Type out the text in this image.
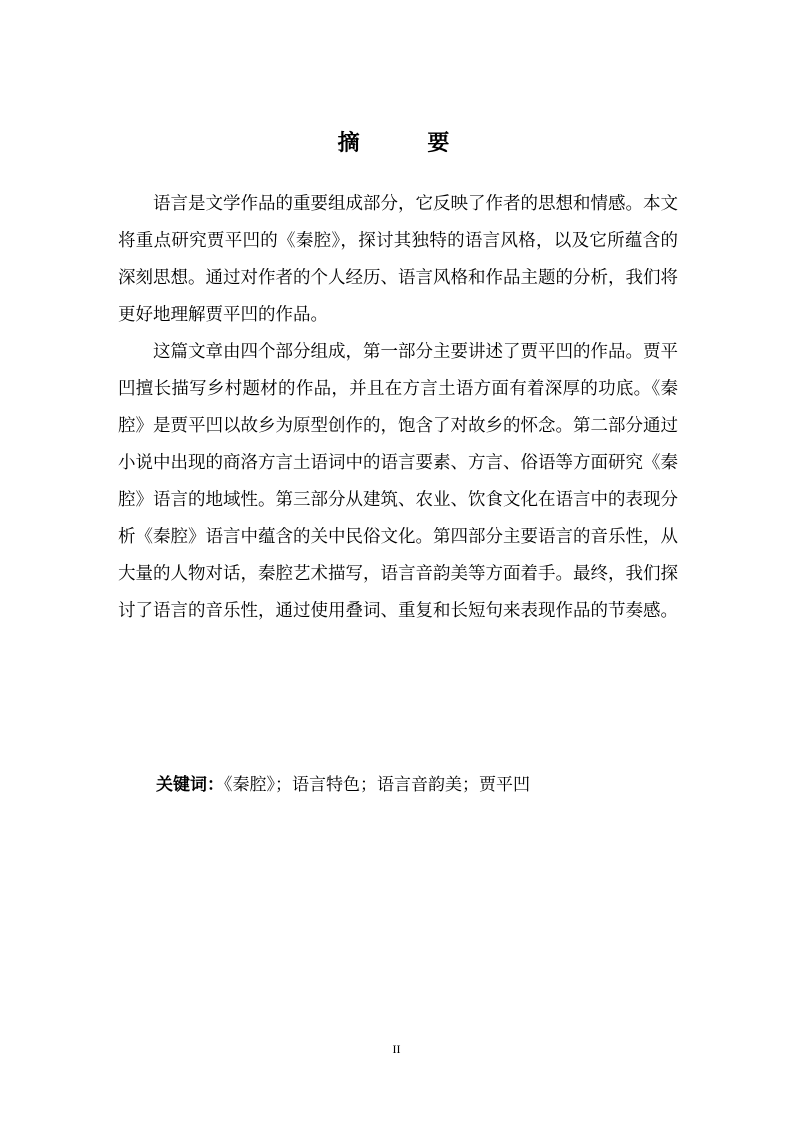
摘 要

语言是文学作品的重要组成部分，它反映了作者的思想和情感。本文将重点研究贾平凹的《秦腔》，探讨其独特的语言风格，以及它所蕴含的深刻思想。通过对作者的个人经历、语言风格和作品主题的分析，我们将更好地理解贾平凹的作品。

这篇文章由四个部分组成，第一部分主要讲述了贾平凹的作品。贾平凹擅长描写乡村题材的作品，并且在方言土语方面有着深厚的功底。《秦腔》是贾平凹以故乡为原型创作的，饱含了对故乡的怀念。第二部分通过小说中出现的商洛方言土语词中的语言要素、方言、俗语等方面研究《秦腔》语言的地域性。第三部分从建筑、农业、饮食文化在语言中的表现分析《秦腔》语言中蕴含的关中民俗文化。第四部分主要语言的音乐性，从大量的人物对话，秦腔艺术描写，语言音韵美等方面着手。最终，我们探讨了语言的音乐性，通过使用叠词、重复和长短句来表现作品的节奏感。

关键词：《秦腔》；语言特色；语言音韵美；贾平凹
II
